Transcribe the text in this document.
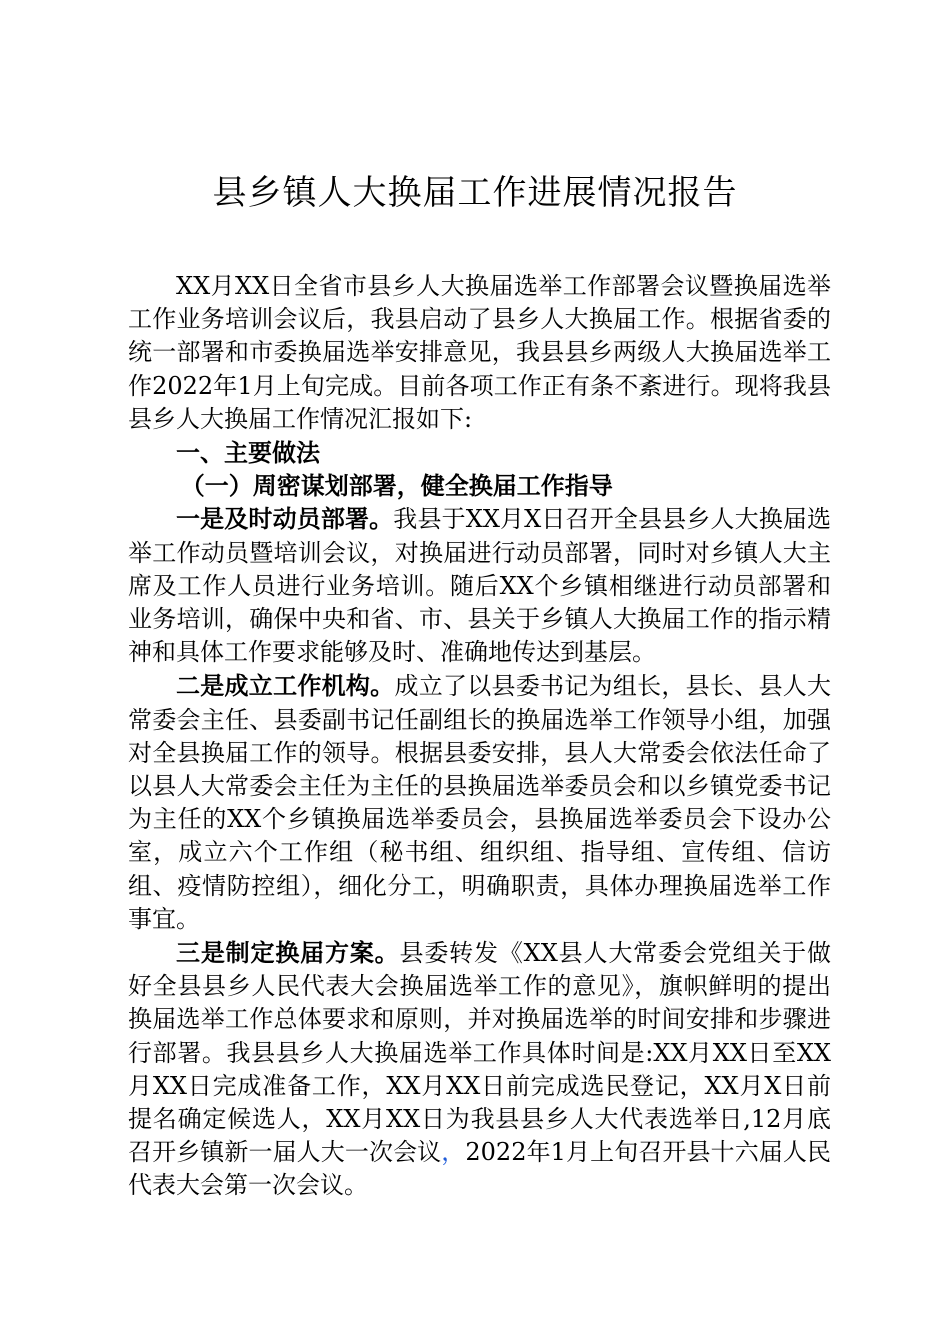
县乡镇人大换届工作进展情况报告

XX月XX日全省市县乡人大换届选举工作部署会议暨换届选举工作业务培训会议后，我县启动了县乡人大换届工作。根据省委的统一部署和市委换届选举安排意见，我县县乡两级人大换届选举工作2022年1月上旬完成。目前各项工作正有条不紊进行。现将我县县乡人大换届工作情况汇报如下:

一、主要做法

（一）周密谋划部署，健全换届工作指导

一是及时动员部署。我县于XX月X日召开全县县乡人大换届选举工作动员暨培训会议，对换届进行动员部署，同时对乡镇人大主席及工作人员进行业务培训。随后XX个乡镇相继进行动员部署和业务培训，确保中央和省、市、县关于乡镇人大换届工作的指示精神和具体工作要求能够及时、准确地传达到基层。

二是成立工作机构。成立了以县委书记为组长，县长、县人大常委会主任、县委副书记任副组长的换届选举工作领导小组，加强对全县换届工作的领导。根据县委安排，县人大常委会依法任命了以县人大常委会主任为主任的县换届选举委员会和以乡镇党委书记为主任的XX个乡镇换届选举委员会，县换届选举委员会下设办公室，成立六个工作组（秘书组、组织组、指导组、宣传组、信访组、疫情防控组），细化分工，明确职责，具体办理换届选举工作事宜。

三是制定换届方案。县委转发《XX县人大常委会党组关于做好全县县乡人民代表大会换届选举工作的意见》，旗帜鲜明的提出换届选举工作总体要求和原则，并对换届选举的时间安排和步骤进行部署。我县县乡人大换届选举工作具体时间是:XX月XX日至XX月XX日完成准备工作，XX月XX日前完成选民登记，XX月X日前提名确定候选人，XX月XX日为我县县乡人大代表选举日,12月底召开乡镇新一届人大一次会议，2022年1月上旬召开县十六届人民代表大会第一次会议。
